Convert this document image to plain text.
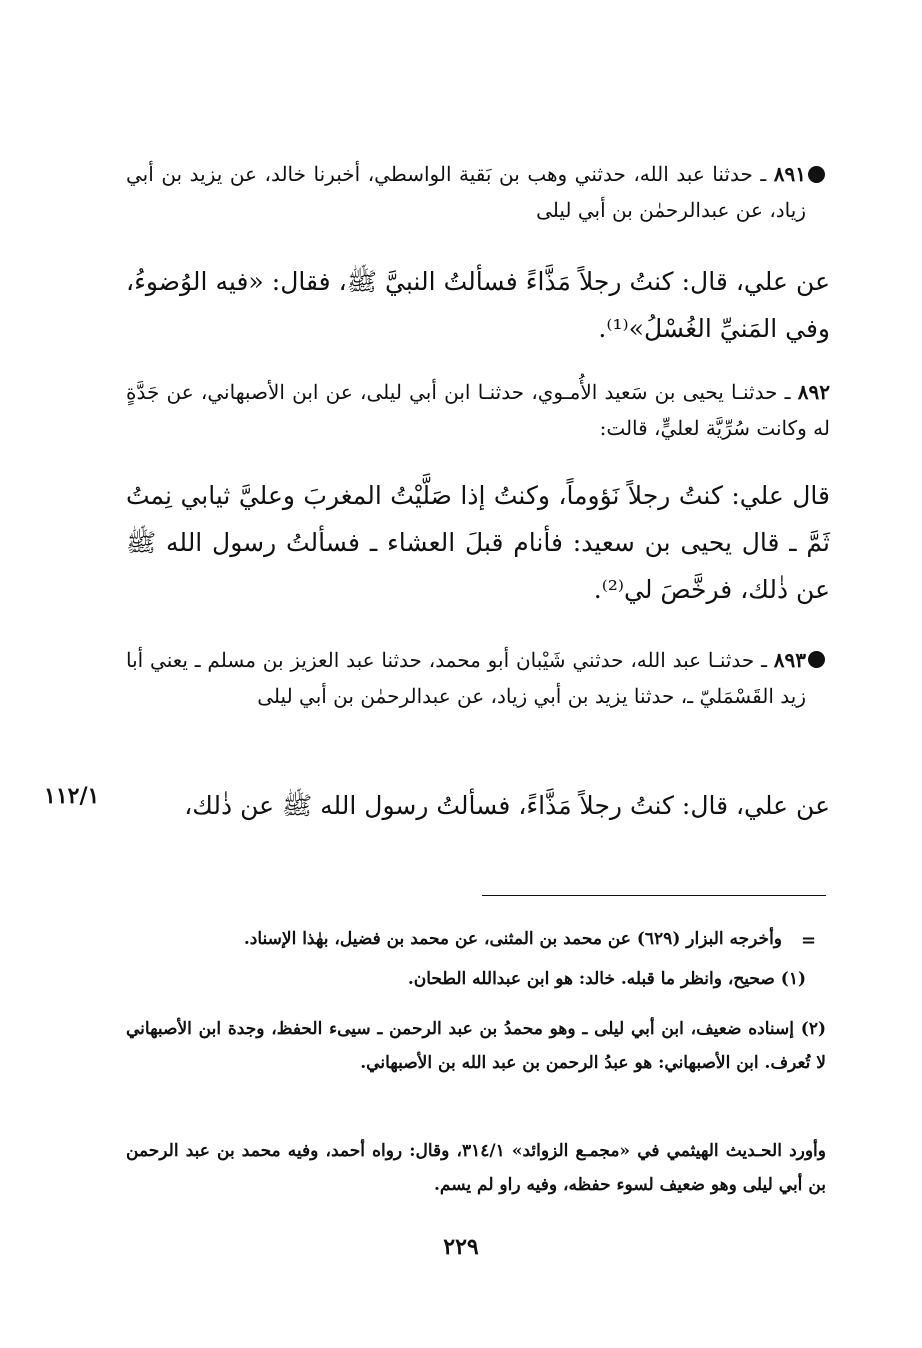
٨٩١ ـ حدثنا عبد الله، حدثني وهب بن بَقية الواسطي، أخبرنا خالد، عن يزيد بن أبي زياد، عن عبدالرحمٰن بن أبي ليلى
عن علي، قال: كنتُ رجلاً مَذَّاءً فسألتُ النبيَّ ﷺ، فقال: «فيه الوُضوءُ، وفي المَنيِّ الغُسْلُ»⁽¹⁾.
٨٩٢ ـ حدثنـا يحيى بن سَعيد الأُمـوي، حدثنـا ابن أبي ليلى، عن ابن الأصبهاني، عن جَدَّةٍ له وكانت سُرِّيَّة لعليٍّ، قالت:
قال علي: كنتُ رجلاً نَؤوماً، وكنتُ إذا صَلَّيْتُ المغربَ وعليَّ ثيابي نِمتُ ثَمَّ ـ قال يحيى بن سعيد: فأنام قبلَ العشاء ـ فسألتُ رسول الله ﷺ عن ذٰلك، فرخَّصَ لي⁽²⁾.
٨٩٣ ـ حدثنـا عبد الله، حدثني شَيْبان أبو محمد، حدثنا عبد العزيز بن مسلم ـ يعني أبا زيد القَسْمَليّ ـ، حدثنا يزيد بن أبي زياد، عن عبدالرحمٰن بن أبي ليلى
عن علي، قال: كنتُ رجلاً مَذَّاءً، فسألتُ رسول الله ﷺ عن ذٰلك،
١١٢/١
=
وأخرجه البزار (٦٢٩) عن محمد بن المثنى، عن محمد بن فضيل، بهٰذا الإسناد.
(١) صحيح، وانظر ما قبله. خالد: هو ابن عبدالله الطحان.
(٢) إسناده ضعيف، ابن أبي ليلى ـ وهو محمدُ بن عبد الرحمن ـ سيىء الحفظ، وجدة ابن الأصبهاني لا تُعرف. ابن الأصبهاني: هو عبدُ الرحمن بن عبد الله بن الأصبهاني.
وأورد الحـديث الهيثمي في «مجمـع الزوائد» ٣١٤/١، وقال: رواه أحمد، وفيه محمد بن عبد الرحمن بن أبي ليلى وهو ضعيف لسوء حفظه، وفيه راو لم يسم.
٢٢٩
